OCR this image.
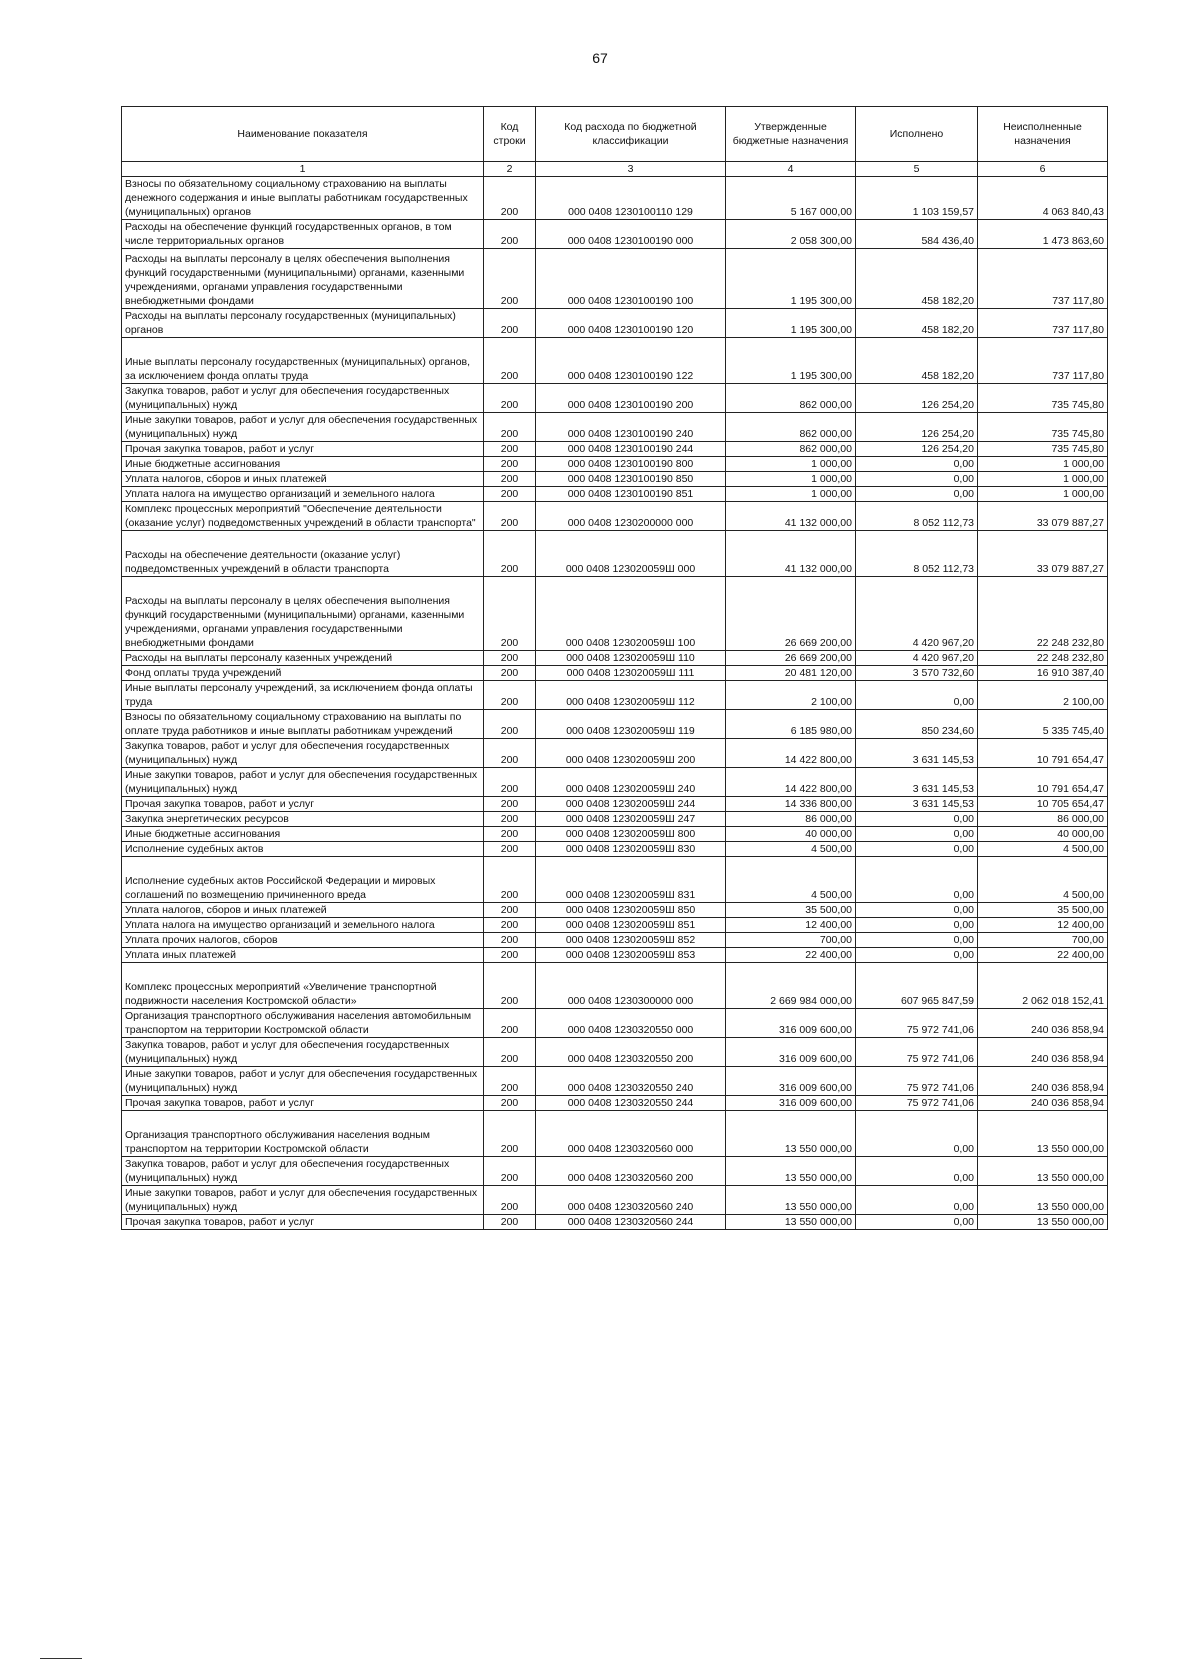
67
Наименование показателя	Код строки	Код расхода по бюджетной классификации	Утвержденные бюджетные назначения	Исполнено	Неисполненные назначения
1	2	3	4	5	6
Взносы по обязательному социальному страхованию на выплаты денежного содержания и иные выплаты работникам государственных (муниципальных) органов	200	000 0408 1230100110 129	5 167 000,00	1 103 159,57	4 063 840,43
Расходы на обеспечение функций государственных органов, в том числе территориальных органов	200	000 0408 1230100190 000	2 058 300,00	584 436,40	1 473 863,60
Расходы на выплаты персоналу в целях обеспечения выполнения функций государственными (муниципальными) органами, казенными учреждениями, органами управления государственными внебюджетными фондами	200	000 0408 1230100190 100	1 195 300,00	458 182,20	737 117,80
Расходы на выплаты персоналу государственных (муниципальных) органов	200	000 0408 1230100190 120	1 195 300,00	458 182,20	737 117,80
Иные выплаты персоналу государственных (муниципальных) органов, за исключением фонда оплаты труда	200	000 0408 1230100190 122	1 195 300,00	458 182,20	737 117,80
Закупка товаров, работ и услуг для обеспечения государственных (муниципальных) нужд	200	000 0408 1230100190 200	862 000,00	126 254,20	735 745,80
Иные закупки товаров, работ и услуг для обеспечения государственных (муниципальных) нужд	200	000 0408 1230100190 240	862 000,00	126 254,20	735 745,80
Прочая закупка товаров, работ и услуг	200	000 0408 1230100190 244	862 000,00	126 254,20	735 745,80
Иные бюджетные ассигнования	200	000 0408 1230100190 800	1 000,00	0,00	1 000,00
Уплата налогов, сборов и иных платежей	200	000 0408 1230100190 850	1 000,00	0,00	1 000,00
Уплата налога на имущество организаций и земельного налога	200	000 0408 1230100190 851	1 000,00	0,00	1 000,00
Комплекс процессных мероприятий "Обеспечение деятельности (оказание услуг) подведомственных учреждений в области транспорта"	200	000 0408 1230200000 000	41 132 000,00	8 052 112,73	33 079 887,27
Расходы на обеспечение деятельности (оказание услуг) подведомственных учреждений в области транспорта	200	000 0408 123020059Ш 000	41 132 000,00	8 052 112,73	33 079 887,27
Расходы на выплаты персоналу в целях обеспечения выполнения функций государственными (муниципальными) органами, казенными учреждениями, органами управления государственными внебюджетными фондами	200	000 0408 123020059Ш 100	26 669 200,00	4 420 967,20	22 248 232,80
Расходы на выплаты персоналу казенных учреждений	200	000 0408 123020059Ш 110	26 669 200,00	4 420 967,20	22 248 232,80
Фонд оплаты труда учреждений	200	000 0408 123020059Ш 111	20 481 120,00	3 570 732,60	16 910 387,40
Иные выплаты персоналу учреждений, за исключением фонда оплаты труда	200	000 0408 123020059Ш 112	2 100,00	0,00	2 100,00
Взносы по обязательному социальному страхованию на выплаты по оплате труда работников и иные выплаты работникам учреждений	200	000 0408 123020059Ш 119	6 185 980,00	850 234,60	5 335 745,40
Закупка товаров, работ и услуг для обеспечения государственных (муниципальных) нужд	200	000 0408 123020059Ш 200	14 422 800,00	3 631 145,53	10 791 654,47
Иные закупки товаров, работ и услуг для обеспечения государственных (муниципальных) нужд	200	000 0408 123020059Ш 240	14 422 800,00	3 631 145,53	10 791 654,47
Прочая закупка товаров, работ и услуг	200	000 0408 123020059Ш 244	14 336 800,00	3 631 145,53	10 705 654,47
Закупка энергетических ресурсов	200	000 0408 123020059Ш 247	86 000,00	0,00	86 000,00
Иные бюджетные ассигнования	200	000 0408 123020059Ш 800	40 000,00	0,00	40 000,00
Исполнение судебных актов	200	000 0408 123020059Ш 830	4 500,00	0,00	4 500,00
Исполнение судебных актов Российской Федерации и мировых соглашений по возмещению причиненного вреда	200	000 0408 123020059Ш 831	4 500,00	0,00	4 500,00
Уплата налогов, сборов и иных платежей	200	000 0408 123020059Ш 850	35 500,00	0,00	35 500,00
Уплата налога на имущество организаций и земельного налога	200	000 0408 123020059Ш 851	12 400,00	0,00	12 400,00
Уплата прочих налогов, сборов	200	000 0408 123020059Ш 852	700,00	0,00	700,00
Уплата иных платежей	200	000 0408 123020059Ш 853	22 400,00	0,00	22 400,00
Комплекс процессных мероприятий «Увеличение транспортной подвижности населения Костромской области»	200	000 0408 1230300000 000	2 669 984 000,00	607 965 847,59	2 062 018 152,41
Организация транспортного обслуживания населения автомобильным транспортом на территории Костромской области	200	000 0408 1230320550 000	316 009 600,00	75 972 741,06	240 036 858,94
Закупка товаров, работ и услуг для обеспечения государственных (муниципальных) нужд	200	000 0408 1230320550 200	316 009 600,00	75 972 741,06	240 036 858,94
Иные закупки товаров, работ и услуг для обеспечения государственных (муниципальных) нужд	200	000 0408 1230320550 240	316 009 600,00	75 972 741,06	240 036 858,94
Прочая закупка товаров, работ и услуг	200	000 0408 1230320550 244	316 009 600,00	75 972 741,06	240 036 858,94
Организация транспортного обслуживания населения водным транспортом на территории Костромской области	200	000 0408 1230320560 000	13 550 000,00	0,00	13 550 000,00
Закупка товаров, работ и услуг для обеспечения государственных (муниципальных) нужд	200	000 0408 1230320560 200	13 550 000,00	0,00	13 550 000,00
Иные закупки товаров, работ и услуг для обеспечения государственных (муниципальных) нужд	200	000 0408 1230320560 240	13 550 000,00	0,00	13 550 000,00
Прочая закупка товаров, работ и услуг	200	000 0408 1230320560 244	13 550 000,00	0,00	13 550 000,00
